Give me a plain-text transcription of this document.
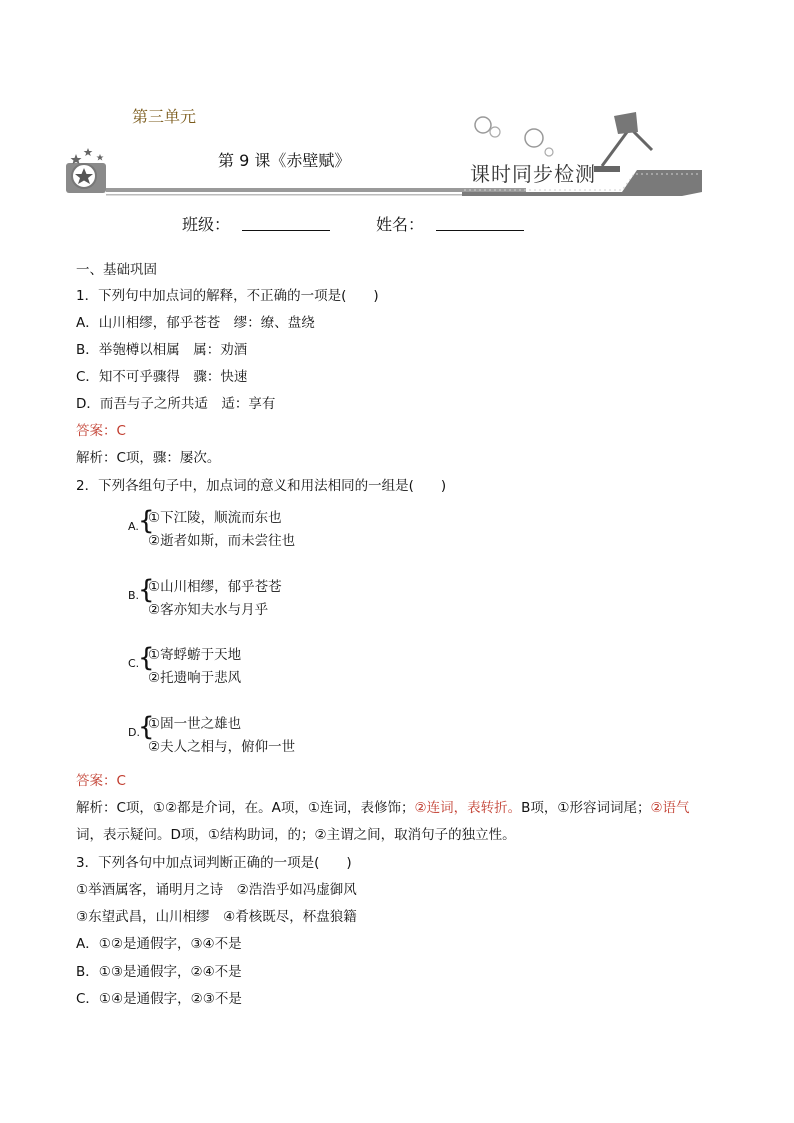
第三单元
第 9 课《赤壁赋》
课时同步检测
班级：	姓名：
一、基础巩固
1．下列句中加点词的解释，不正确的一项是(　　)
A．山川相缪，郁乎苍苍　缪：缭、盘绕
B．举匏樽以相属　属：劝酒
C．知不可乎骤得　骤：快速
D．而吾与子之所共适　适：享有
答案：C
解析：C项，骤：屡次。
2．下列各组句子中，加点词的意义和用法相同的一组是(　　)
A. {
①下江陵，顺流而东也
②逝者如斯，而未尝往也
B.
{
①山川相缪，郁乎苍苍
②客亦知夫水与月乎
C.
{
①寄蜉蝣于天地
②托遗响于悲风
D.
{
①固一世之雄也
②夫人之相与，俯仰一世
答案：C
解析：C项，①②都是介词，在。A项，①连词，表修饰；②连词，表转折。B项，①形容词词尾；②语气
词，表示疑问。D项，①结构助词，的；②主谓之间，取消句子的独立性。
3．下列各句中加点词判断正确的一项是(　　)
①举酒属客，诵明月之诗　②浩浩乎如冯虚御风
③东望武昌，山川相缪　④肴核既尽，杯盘狼籍
A．①②是通假字，③④不是
B．①③是通假字，②④不是
C．①④是通假字，②③不是
